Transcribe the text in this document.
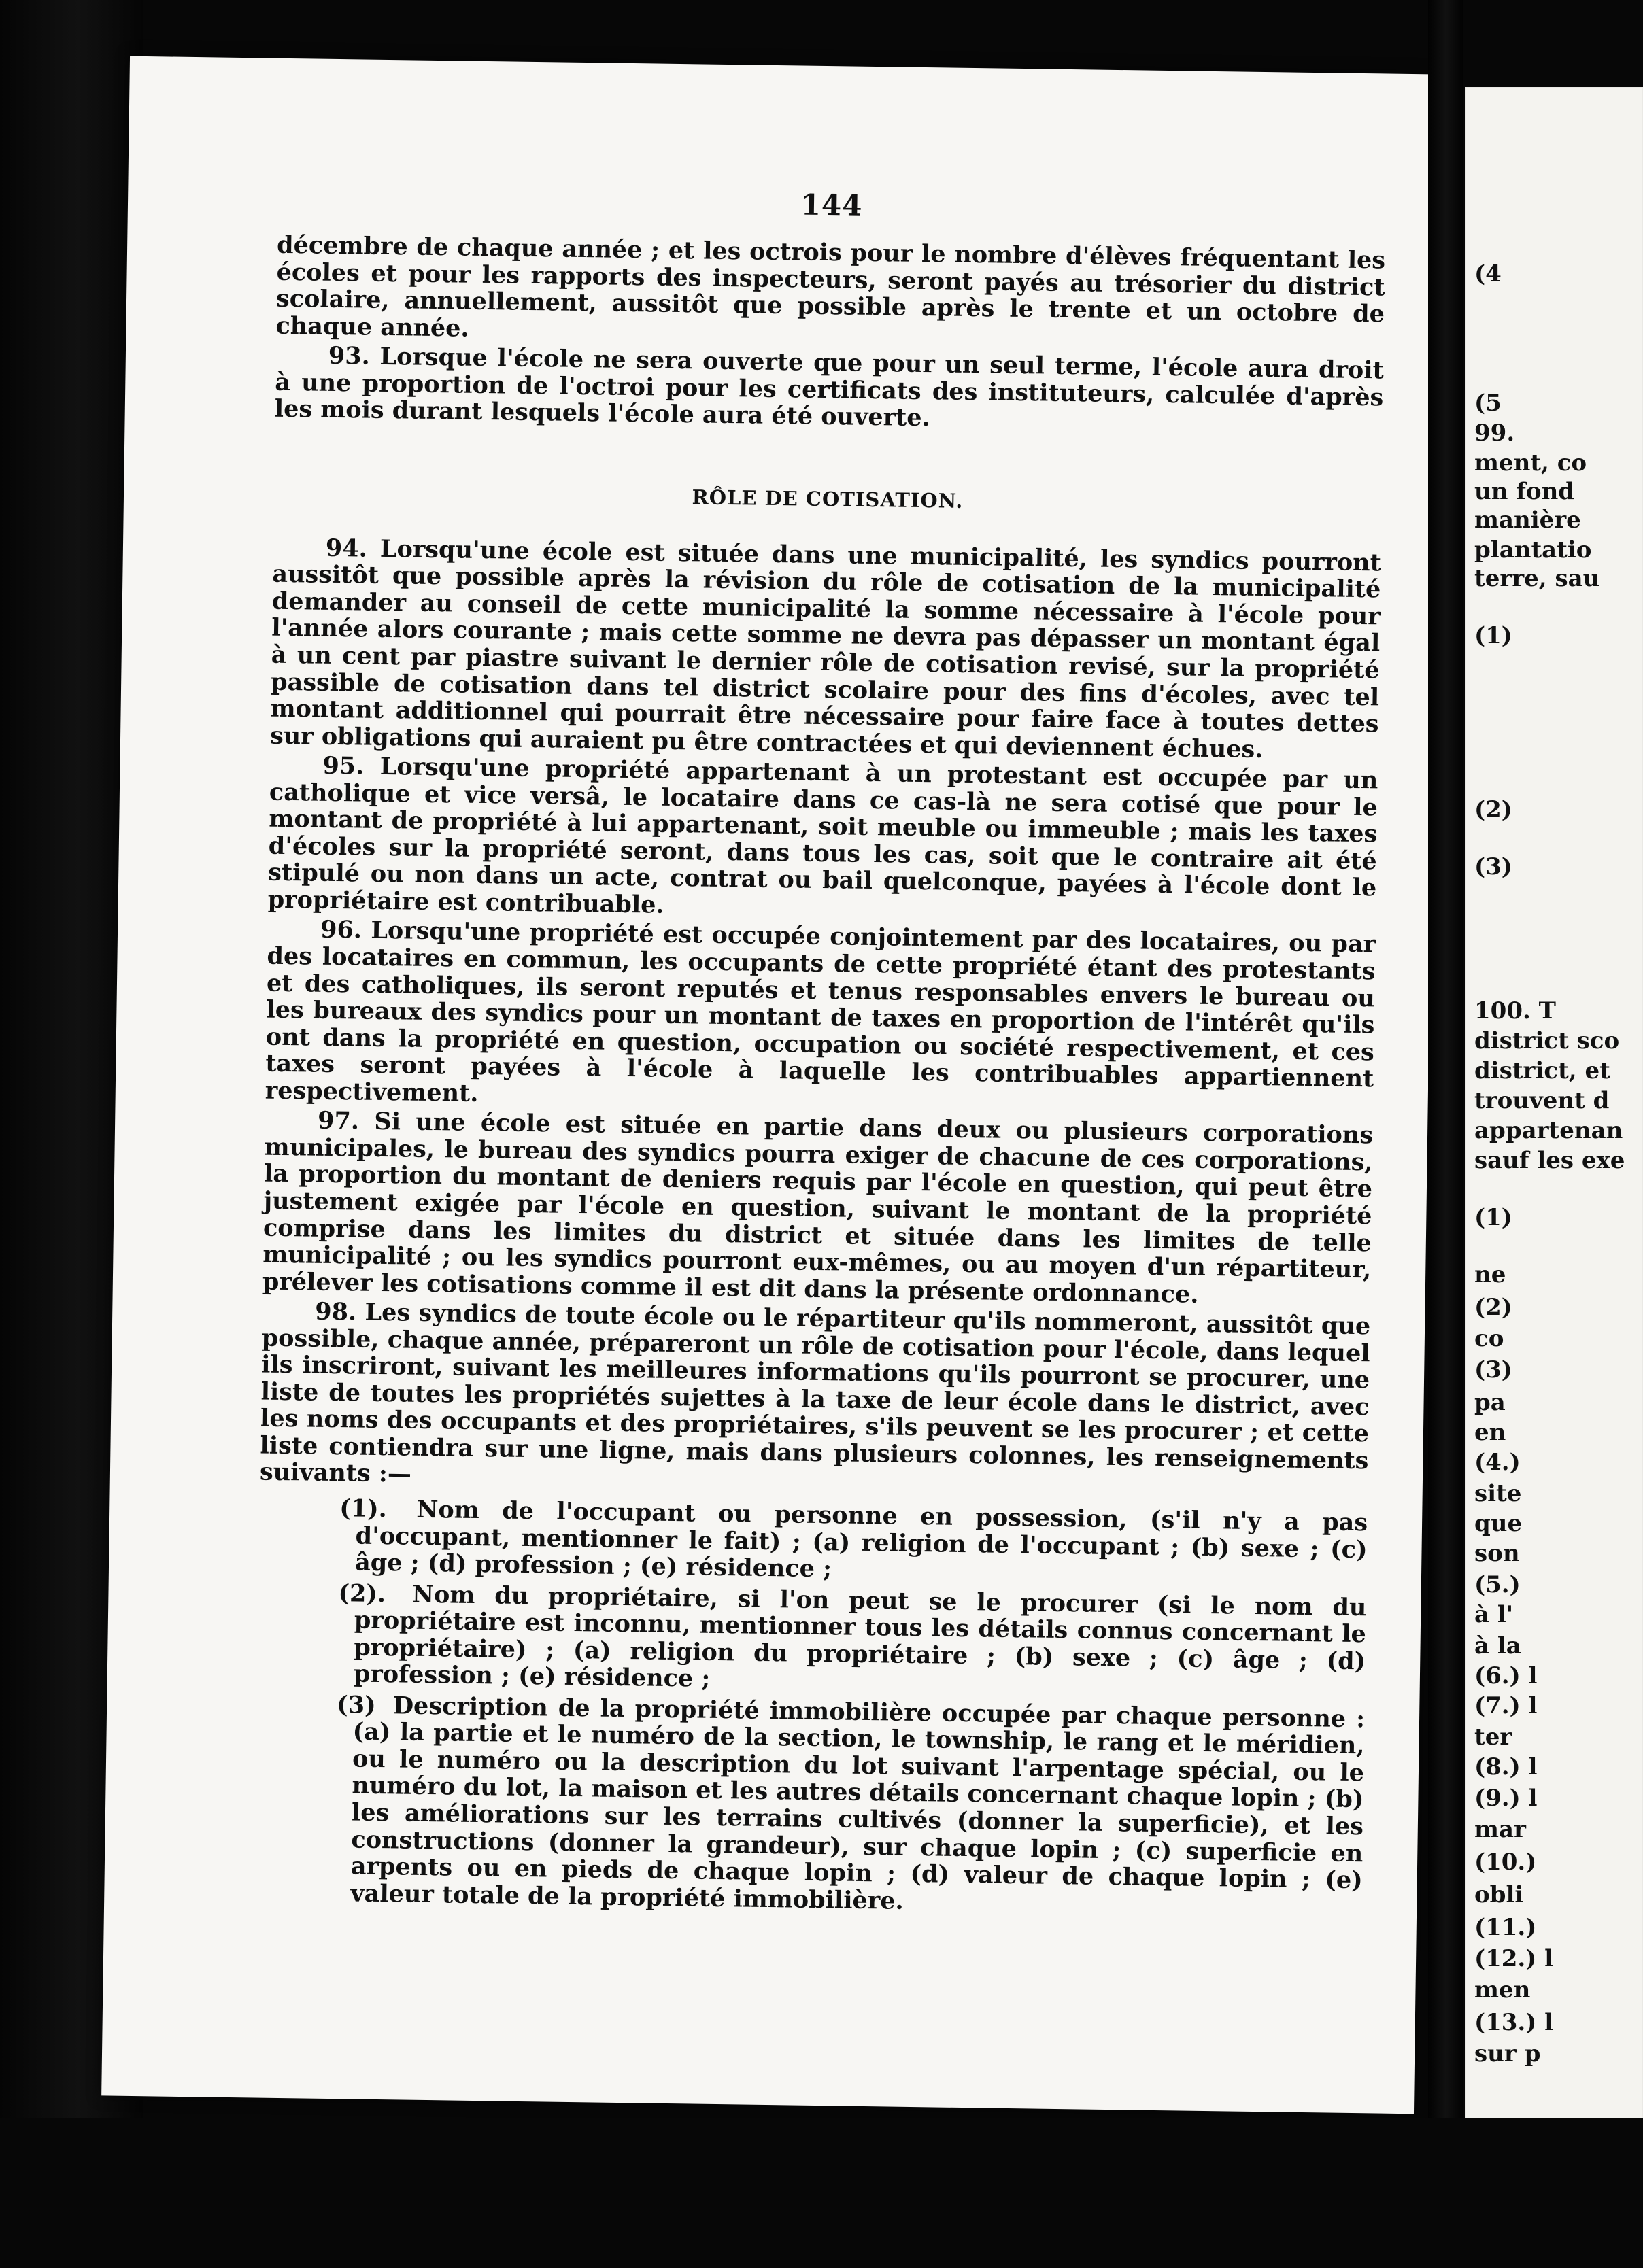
144

décembre de chaque année ; et les octrois pour le nombre d'élèves fréquentant les écoles et pour les rapports des inspecteurs, seront payés au trésorier du district scolaire, annuellement, aussitôt que possible après le trente et un octobre de chaque année.

93. Lorsque l'école ne sera ouverte que pour un seul terme, l'école aura droit à une proportion de l'octroi pour les certificats des instituteurs, calculée d'après les mois durant lesquels l'école aura été ouverte.

RÔLE DE COTISATION.

94. Lorsqu'une école est située dans une municipalité, les syndics pourront aussitôt que possible après la révision du rôle de cotisation de la municipalité demander au conseil de cette municipalité la somme nécessaire à l'école pour l'année alors courante ; mais cette somme ne devra pas dépasser un montant égal à un cent par piastre suivant le dernier rôle de cotisation revisé, sur la propriété passible de cotisation dans tel district scolaire pour des fins d'écoles, avec tel montant additionnel qui pourrait être nécessaire pour faire face à toutes dettes sur obligations qui auraient pu être contractées et qui deviennent échues.

95. Lorsqu'une propriété appartenant à un protestant est occupée par un catholique et vice versâ, le locataire dans ce cas-là ne sera cotisé que pour le montant de propriété à lui appartenant, soit meuble ou immeuble ; mais les taxes d'écoles sur la propriété seront, dans tous les cas, soit que le contraire ait été stipulé ou non dans un acte, contrat ou bail quelconque, payées à l'école dont le propriétaire est contribuable.

96. Lorsqu'une propriété est occupée conjointement par des locataires, ou par des locataires en commun, les occupants de cette propriété étant des protestants et des catholiques, ils seront reputés et tenus responsables envers le bureau ou les bureaux des syndics pour un montant de taxes en proportion de l'intérêt qu'ils ont dans la propriété en question, occupation ou société respectivement, et ces taxes seront payées à l'école à laquelle les contribuables appartiennent respectivement.

97. Si une école est située en partie dans deux ou plusieurs corporations municipales, le bureau des syndics pourra exiger de chacune de ces corporations, la proportion du montant de deniers requis par l'école en question, qui peut être justement exigée par l'école en question, suivant le montant de la propriété comprise dans les limites du district et située dans les limites de telle municipalité ; ou les syndics pourront eux-mêmes, ou au moyen d'un répartiteur, prélever les cotisations comme il est dit dans la présente ordonnance.

98. Les syndics de toute école ou le répartiteur qu'ils nommeront, aussitôt que possible, chaque année, prépareront un rôle de cotisation pour l'école, dans lequel ils inscriront, suivant les meilleures informations qu'ils pourront se procurer, une liste de toutes les propriétés sujettes à la taxe de leur école dans le district, avec les noms des occupants et des propriétaires, s'ils peuvent se les procurer ; et cette liste contiendra sur une ligne, mais dans plusieurs colonnes, les renseignements suivants :—

(1). Nom de l'occupant ou personne en possession, (s'il n'y a pas d'occupant, mentionner le fait) ; (a) religion de l'occupant ; (b) sexe ; (c) âge ; (d) profession ; (e) résidence ;
(2). Nom du propriétaire, si l'on peut se le procurer (si le nom du propriétaire est inconnu, mentionner tous les détails connus concernant le propriétaire) ; (a) religion du propriétaire ; (b) sexe ; (c) âge ; (d) profession ; (e) résidence ;
(3) Description de la propriété immobilière occupée par chaque personne : (a) la partie et le numéro de la section, le township, le rang et le méridien, ou le numéro ou la description du lot suivant l'arpentage spécial, ou le numéro du lot, la maison et les autres détails concernant chaque lopin ; (b) les améliorations sur les terrains cultivés (donner la superficie), et les constructions (donner la grandeur), sur chaque lopin ; (c) superficie en arpents ou en pieds de chaque lopin ; (d) valeur de chaque lopin ; (e) valeur totale de la propriété immobilière.
(4
(5
99.
ment, co
un fond
manière
plantatio
terre, sau
(1)
(2)
(3)
100. T
district sco
district, et
trouvent d
appartenan
sauf les exe
(1)
ne
(2)
co
(3)
pa
en
(4.)
site
que
son
(5.)
à l'
à la
(6.) l
(7.) l
ter
(8.) l
(9.) l
mar
(10.)
obli
(11.)
(12.) l
men
(13.) l
sur p
